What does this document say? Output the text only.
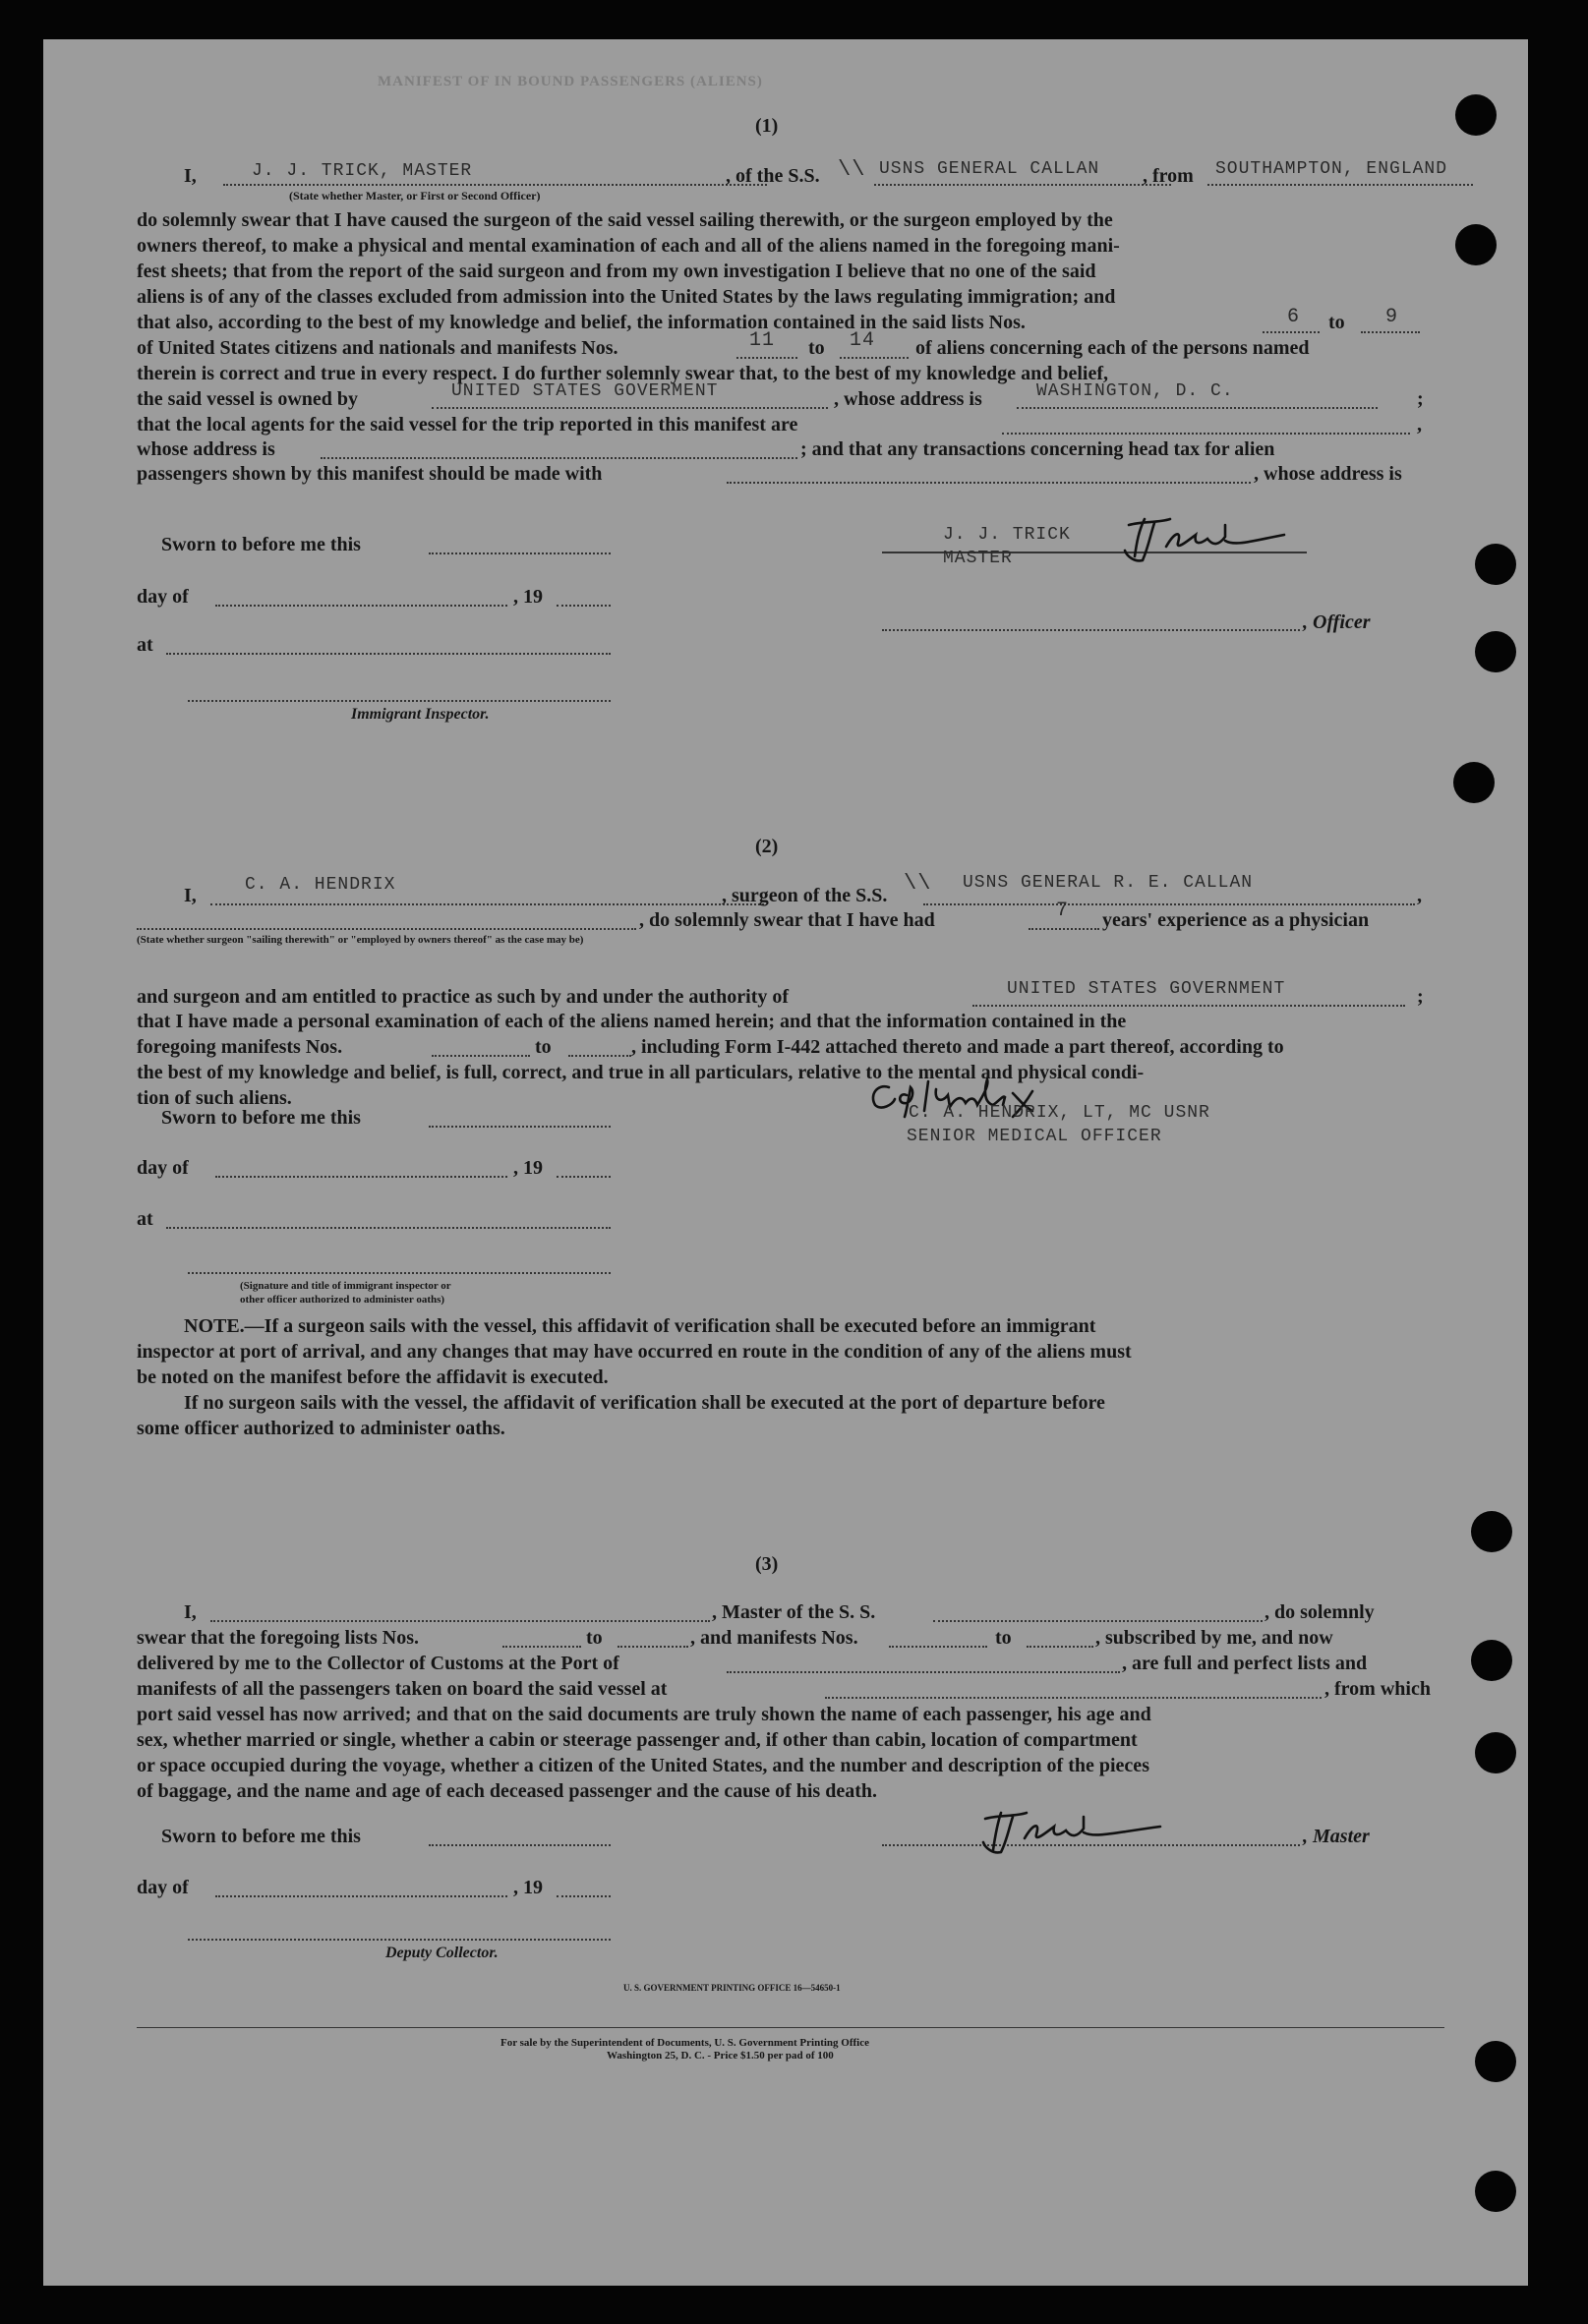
MANIFEST OF IN BOUND PASSENGERS (ALIENS)
(1)
I,	J. J. TRICK, MASTER
(State whether Master, or First or Second Officer)
, of the S.S. \\ USNS GENERAL CALLAN , from SOUTHAMPTON, ENGLAND
do solemnly swear that I have caused the surgeon of the said vessel sailing therewith, or the surgeon employed by the
owners thereof, to make a physical and mental examination of each and all of the aliens named in the foregoing mani-
fest sheets; that from the report of the said surgeon and from my own investigation I believe that no one of the said
aliens is of any of the classes excluded from admission into the United States by the laws regulating immigration; and
that also, according to the best of my knowledge and belief, the information contained in the said lists Nos.	6 to 9
of United States citizens and nationals and manifests Nos.	11 to 14 of aliens concerning each of the persons named
therein is correct and true in every respect. I do further solemnly swear that, to the best of my knowledge and belief,
the said vessel is owned by	UNITED STATES GOVERMENT	, whose address is	WASHINGTON, D. C.	;
that the local agents for the said vessel for the trip reported in this manifest are	,
whose address is	; and that any transactions concerning head tax for alien
passengers shown by this manifest should be made with	, whose address is
Sworn to before me this
day of	, 19
at
Immigrant Inspector.
J. J. TRICK
MASTER
, Officer
(2)
I,	C. A. HENDRIX	, surgeon of the S.S. \\ USNS GENERAL R. E. CALLAN
,
, do solemnly swear that I have had	7 years' experience as a physician
(State whether surgeon "sailing therewith" or "employed by owners thereof" as the case may be)
and surgeon and am entitled to practice as such by and under the authority of	UNITED STATES GOVERNMENT	;
that I have made a personal examination of each of the aliens named herein; and that the information contained in the
foregoing manifests Nos.	to	, including Form I-442 attached thereto and made a part thereof, according to
the best of my knowledge and belief, is full, correct, and true in all particulars, relative to the mental and physical condi-
tion of such aliens.
Sworn to before me this
day of	, 19
at
(Signature and title of immigrant inspector or
other officer authorized to administer oaths)
C. A. HENDRIX, LT, MC USNR
SENIOR MEDICAL OFFICER
NOTE.—If a surgeon sails with the vessel, this affidavit of verification shall be executed before an immigrant
inspector at port of arrival, and any changes that may have occurred en route in the condition of any of the aliens must
be noted on the manifest before the affidavit is executed.
If no surgeon sails with the vessel, the affidavit of verification shall be executed at the port of departure before
some officer authorized to administer oaths.
(3)
I,	, Master of the S. S.	, do solemnly
swear that the foregoing lists Nos.	to	, and manifests Nos.	to	, subscribed by me, and now
delivered by me to the Collector of Customs at the Port of	, are full and perfect lists and
manifests of all the passengers taken on board the said vessel at	, from which
port said vessel has now arrived; and that on the said documents are truly shown the name of each passenger, his age and
sex, whether married or single, whether a cabin or steerage passenger and, if other than cabin, location of compartment
or space occupied during the voyage, whether a citizen of the United States, and the number and description of the pieces
of baggage, and the name and age of each deceased passenger and the cause of his death.
Sworn to before me this	, Master
day of	, 19
Deputy Collector.
U. S. GOVERNMENT PRINTING OFFICE 16—54650-1
For sale by the Superintendent of Documents, U. S. Government Printing Office
Washington 25, D. C. - Price $1.50 per pad of 100
